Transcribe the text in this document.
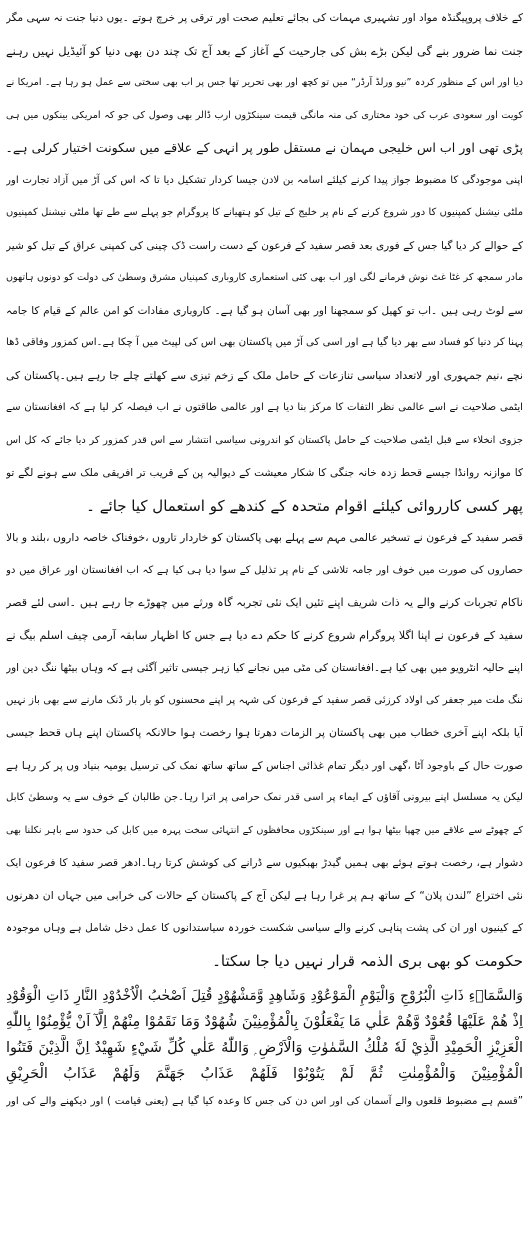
کے خلاف پروپیگنڈہ مواد اور تشہیری مہمات کی بجائے تعلیم صحت اور ترقی پر خرچ ہوتے ۔یوں دنیا جنت نہ سہی مگر
جنت نما ضرور بنے گی لیکن بڑے بش کی جارحیت کے آغاز کے بعد آج تک چند دن بھی دنیا کو آئیڈیل نہیں رہنے
دیا اور اس کے منظور کردہ ”نیو ورلڈ آرڈر“ میں تو کچھ اور بھی تحریر تھا جس پر اب بھی سختی سے عمل ہو رہا ہے۔ امریکا نے
کویت اور سعودی عرب کی خود مختاری کی منہ مانگی قیمت سینکڑوں ارب ڈالر بھی وصول کی جو کہ امریکی بینکوں میں ہی
پڑی تھی اور اب اس خلیجی مہمان نے مستقل طور پر انہی کے علاقے میں سکونت اختیار کرلی ہے۔
اپنی موجودگی کا مضبوط جواز پیدا کرنے کیلئے اسامہ بن لادن جیسا کردار تشکیل دیا تا کہ اس کی آڑ میں آزاد تجارت اور
ملٹی نیشنل کمپنیوں کا دور شروع کرنے کے نام پر خلیج کے تیل کو ہتھیانے کا پروگرام جو پہلے سے طے تھا ملٹی نیشنل کمپنیوں
کے حوالے کر دیا گیا جس کے فوری بعد قصر سفید کے فرعون کے دست راست ڈک چینی کی کمپنی عراق کے تیل کو شیر
مادر سمجھ کر غٹا غٹ نوش فرمانے لگی اور اب بھی کئی استعماری کاروباری کمپنیاں مشرق وسطیٰ کی دولت کو دونوں ہاتھوں
سے لوٹ رہی ہیں ۔اب تو کھیل کو سمجھنا اور بھی آسان ہو گیا ہے۔ کاروباری مفادات کو امن عالم کے قیام کا جامہ
پہنا کر دنیا کو فساد سے بھر دیا گیا ہے اور اسی کی آڑ میں پاکستان بھی اس کی لپیٹ میں آ چکا ہے۔اس کمزور وفاقی ڈھا
نچے ،نیم جمہوری اور لاتعداد سیاسی تنازعات کے حامل ملک کے زخم تیزی سے کھلتے چلے جا رہے ہیں۔پاکستان کی
ایٹمی صلاحیت نے اسے عالمی نظر التفات کا مرکز بنا دیا ہے اور عالمی طاقتوں نے اب فیصلہ کر لیا ہے کہ افغانستان سے
جزوی انخلاء سے قبل ایٹمی صلاحیت کے حامل پاکستان کو اندرونی سیاسی انتشار سے اس قدر کمزور کر دیا جائے کہ کل اس
کا موازنہ روانڈا جیسے قحط زدہ خانہ جنگی کا شکار معیشت کے دیوالیہ پن کے قریب تر افریقی ملک سے ہونے لگے تو
پھر کسی کارروائی کیلئے اقوام متحدہ کے کندھے کو استعمال کیا جائے ۔
قصر سفید کے فرعون نے تسخیر عالمی مہم سے پہلے بھی پاکستان کو خاردار تاروں ،خوفناک خاصہ داروں ،بلند و بالا
حصاروں کی صورت میں خوف اور جامہ تلاشی کے نام پر تذلیل کے سوا دیا ہی کیا ہے کہ اب افغانستان اور عراق میں دو
ناکام تجربات کرنے والے یہ ذات شریف اپنے تئیں ایک نئی تجربہ گاہ ورثے میں چھوڑے جا رہے ہیں ۔اسی لئے قصر
سفید کے فرعون نے اپنا اگلا پروگرام شروع کرنے کا حکم دے دیا ہے جس کا اظہار سابقہ آرمی چیف اسلم بیگ نے
اپنے حالیہ انٹرویو میں بھی کیا ہے۔افغانستان کی مٹی میں نجانے کیا زہر جیسی تاثیر آگئی ہے کہ وہاں بیٹھا ننگ دین اور
ننگ ملت میر جعفر کی اولاد کرزئی قصر سفید کے فرعون کی شہہ پر اپنے محسنوں کو بار بار ڈنک مارنے سے بھی باز نہیں
آیا بلکہ اپنے آخری خطاب میں بھی پاکستان پر الزمات دھرتا ہوا رخصت ہوا حالانکہ پاکستان اپنے ہاں قحط جیسی
صورت حال کے باوجود آٹا ،گھی اور دیگر تمام غذائی اجناس کے ساتھ ساتھ نمک کی ترسیل یومیہ بنیاد وں پر کر رہا ہے
لیکن یہ مسلسل اپنے بیرونی آقاؤں کے ایماء پر اسی قدر نمک حرامی پر اترا رہا۔جن طالبان کے خوف سے یہ وسطیٰ کابل
کے چھوٹے سے علاقے میں چھپا بیٹھا ہوا ہے اور سینکڑوں محافظوں کے انتہائی سخت پہرہ میں کابل کی حدود سے باہر نکلنا بھی
دشوار ہے، رخصت ہوتے ہوئے بھی ہمیں گیدڑ بھبکیوں سے ڈرانے کی کوشش کرتا رہا۔ادھر قصر سفید کا فرعون ایک
نئی اختراع ”لندن پلان“ کے ساتھ ہم پر غرا رہا ہے لیکن آج کے پاکستان کے حالات کی خرابی میں جہاں ان دھرنوں
کے کینیوں اور ان کی پشت پناہی کرنے والے سیاسی شکست خوردہ سیاستدانوں کا عمل دخل شامل ہے وہاں موجودہ
حکومت کو بھی بری الذمہ قرار نہیں دیا جا سکتا۔
وَالسَّمَاۗءِ ذَاتِ الْبُرُوْجِ وَالْيَوْمِ الْمَوْعُوْدِ وَشَاهِدٍ وَّمَشْهُوْدٍ قُتِلَ اَصْحٰبُ الْاُخْدُوْدِ النَّارِ ذَاتِ الْوَقُوْدِ
اِذْ هُمْ عَلَيْهَا قُعُوْدٌ وَّهُمْ عَلٰي مَا يَفْعَلُوْنَ بِالْمُؤْمِنِيْنَ شُهُوْدٌ وَمَا نَقَمُوْا مِنْهُمْ اِلَّآ اَنْ يُّؤْمِنُوْا بِاللّٰهِ
الْعَزِيْزِ الْحَمِيْدِ الَّذِيْ لَهٗ مُلْكُ السَّمٰوٰتِ وَالْاَرْضِ ۭ وَاللّٰهُ عَلٰي كُلِّ شَيْءٍ شَهِيْدٌ اِنَّ الَّذِيْنَ فَتَنُوا
الْمُؤْمِنِيْنَ وَالْمُؤْمِنٰتِ ثُمَّ لَمْ يَتُوْبُوْا فَلَهُمْ عَذَابُ جَهَنَّمَ وَلَهُمْ عَذَابُ الْحَرِيْقِ
”قسم ہے مضبوط قلعوں والے آسمان کی اور اس دن کی جس کا وعدہ کیا گیا ہے (یعنی قیامت ) اور دیکھنے والے کی اور
